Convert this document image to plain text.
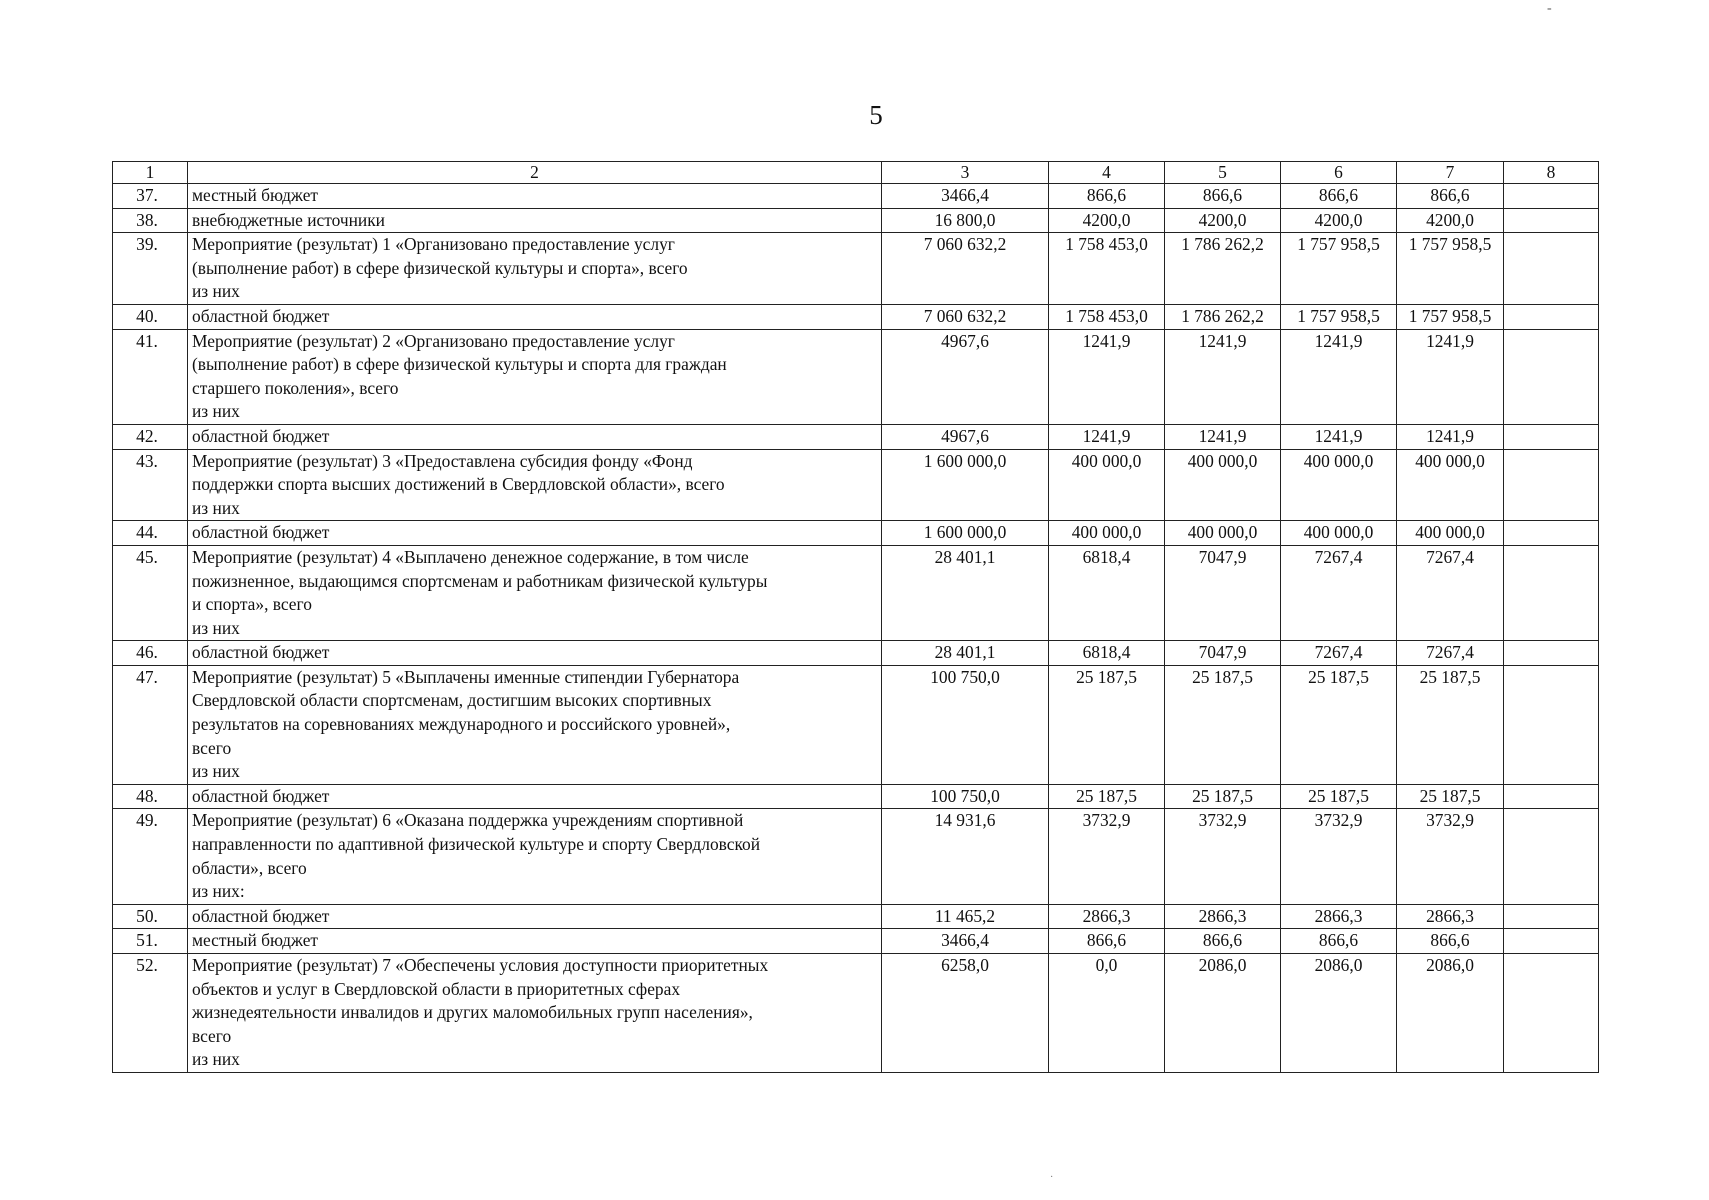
-
5
1	2	3	4	5	6	7	8
37.	местный бюджет	3466,4	866,6	866,6	866,6	866,6	
38.	внебюджетные источники	16 800,0	4200,0	4200,0	4200,0	4200,0	
39.	Мероприятие (результат) 1 «Организовано предоставление услуг
(выполнение работ) в сфере физической культуры и спорта», всего
из них	7 060 632,2	1 758 453,0	1 786 262,2	1 757 958,5	1 757 958,5	
40.	областной бюджет	7 060 632,2	1 758 453,0	1 786 262,2	1 757 958,5	1 757 958,5	
41.	Мероприятие (результат) 2 «Организовано предоставление услуг
(выполнение работ) в сфере физической культуры и спорта для граждан
старшего поколения», всего
из них	4967,6	1241,9	1241,9	1241,9	1241,9	
42.	областной бюджет	4967,6	1241,9	1241,9	1241,9	1241,9	
43.	Мероприятие (результат) 3 «Предоставлена субсидия фонду «Фонд
поддержки спорта высших достижений в Свердловской области», всего
из них	1 600 000,0	400 000,0	400 000,0	400 000,0	400 000,0	
44.	областной бюджет	1 600 000,0	400 000,0	400 000,0	400 000,0	400 000,0	
45.	Мероприятие (результат) 4 «Выплачено денежное содержание, в том числе
пожизненное, выдающимся спортсменам и работникам физической культуры
и спорта», всего
из них	28 401,1	6818,4	7047,9	7267,4	7267,4	
46.	областной бюджет	28 401,1	6818,4	7047,9	7267,4	7267,4	
47.	Мероприятие (результат) 5 «Выплачены именные стипендии Губернатора
Свердловской области спортсменам, достигшим высоких спортивных
результатов на соревнованиях международного и российского уровней»,
всего
из них	100 750,0	25 187,5	25 187,5	25 187,5	25 187,5	
48.	областной бюджет	100 750,0	25 187,5	25 187,5	25 187,5	25 187,5	
49.	Мероприятие (результат) 6 «Оказана поддержка учреждениям спортивной
направленности по адаптивной физической культуре и спорту Свердловской
области», всего
из них:	14 931,6	3732,9	3732,9	3732,9	3732,9	
50.	областной бюджет	11 465,2	2866,3	2866,3	2866,3	2866,3	
51.	местный бюджет	3466,4	866,6	866,6	866,6	866,6	
52.	Мероприятие (результат) 7 «Обеспечены условия доступности приоритетных
объектов и услуг в Свердловской области в приоритетных сферах
жизнедеятельности инвалидов и других маломобильных групп населения»,
всего
из них	6258,0	0,0	2086,0	2086,0	2086,0	
·
